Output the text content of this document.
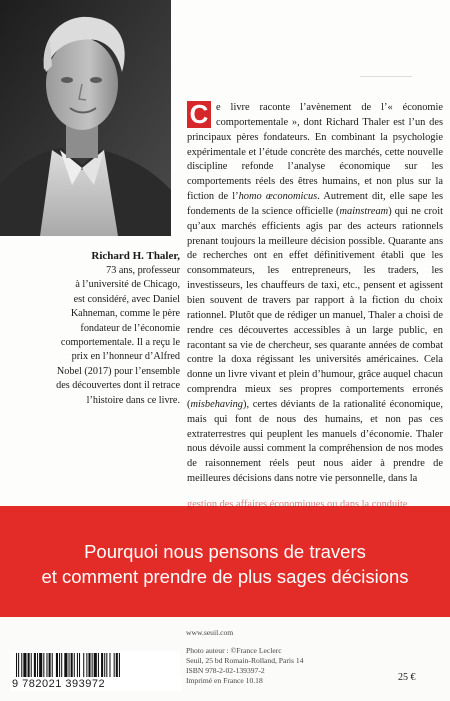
Richard H. Thaler,
73 ans, professeur
à l’université de Chicago,
est considéré, avec Daniel
Kahneman, comme le père
fondateur de l’économie
comportementale. Il a reçu le
prix en l’honneur d’Alfred
Nobel (2017) pour l’ensemble
des découvertes dont il retrace
l’histoire dans ce livre.
e livre raconte l’avènement de l’« économie comportementale », dont Richard Thaler est l’un des principaux pères fondateurs. En combinant la psychologie expérimentale et l’étude concrète des marchés, cette nouvelle discipline refonde l’analyse économique sur les comportements réels des êtres humains, et non plus sur la fiction de l’homo œconomicus. Autrement dit, elle sape les fondements de la science officielle (mainstream) qui ne croit qu’aux marchés efficients agis par des acteurs rationnels prenant toujours la meilleure décision possible. Quarante ans de recherches ont en effet définitivement établi que les consommateurs, les entrepreneurs, les traders, les investisseurs, les chauffeurs de taxi, etc., pensent et agissent bien souvent de travers par rapport à la fiction du choix rationnel. Plutôt que de rédiger un manuel, Thaler a choisi de rendre ces découvertes accessibles à un large public, en racontant sa vie de chercheur, ses quarante années de combat contre la doxa régissant les universités américaines. Cela donne un livre vivant et plein d’humour, grâce auquel chacun comprendra mieux ses propres comportements erronés (misbehaving), certes déviants de la rationalité économique, mais qui font de nous des humains, et non pas ces extraterrestres qui peuplent les manuels d’économie. Thaler nous dévoile aussi comment la compréhension de nos modes de raisonnement réels peut nous aider à prendre de meilleures décisions dans notre vie personnelle, dans la
C
gestion des affaires économiques ou dans la conduite
Pourquoi nous pensons de travers
et comment prendre de plus sages décisions
9 782021 393972
www.seuil.com
Photo auteur : ©France Leclerc
Seuil, 25 bd Romain-Rolland, Paris 14
ISBN 978-2-02-139397-2
Imprimé en France 10.18	25 €
